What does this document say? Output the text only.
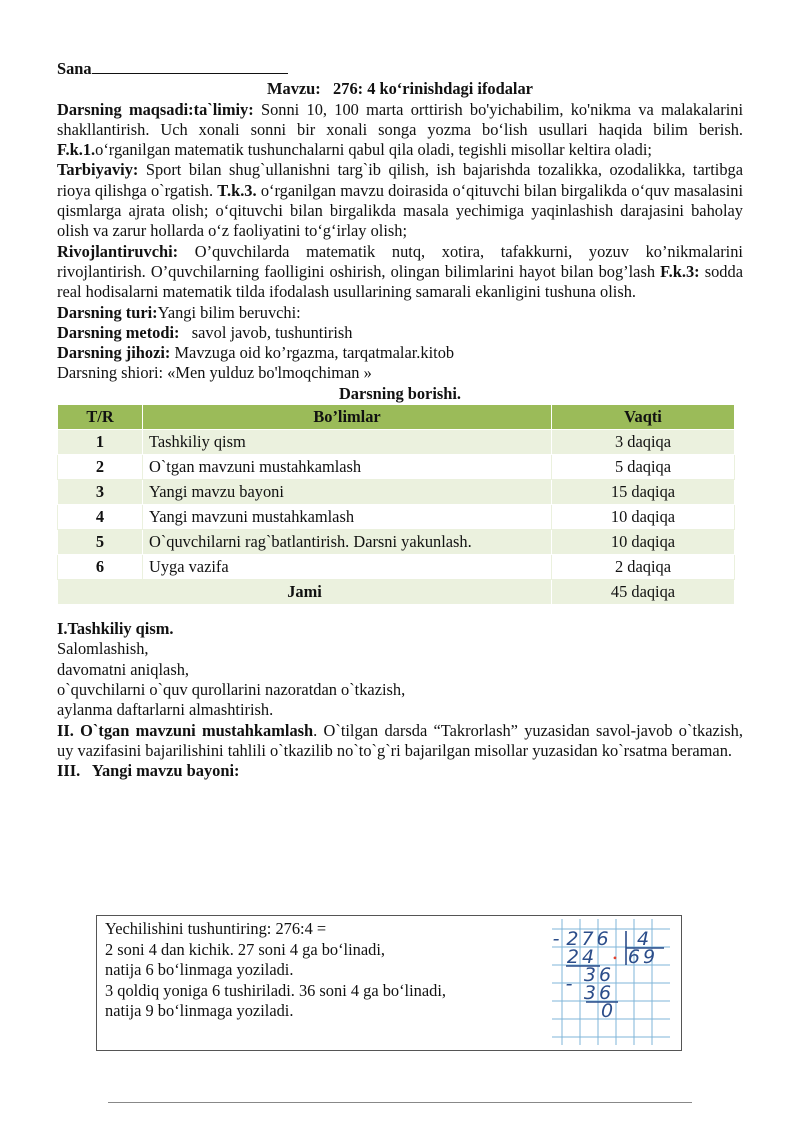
Sana

Mavzu: 276: 4 ko‘rinishdagi ifodalar

Darsning maqsadi:ta`limiy: Sonni 10, 100 marta orttirish bo'yichabilim, ko'nikma va malakalarini shakllantirish. Uch xonali sonni bir xonali songa yozma bo‘lish usullari haqida bilim berish. F.k.1.o‘rganilgan matematik tushunchalarni qabul qila oladi, tegishli misollar keltira oladi;

Tarbiyaviy: Sport bilan shug`ullanishni targ`ib qilish, ish bajarishda tozalikka, ozodalikka, tartibga rioya qilishga o`rgatish. T.k.3. o‘rganilgan mavzu doirasida o‘qituvchi bilan birgalikda o‘quv masalasini qismlarga ajrata olish; o‘qituvchi bilan birgalikda masala yechimiga yaqinlashish darajasini baholay olish va zarur hollarda o‘z faoliyatini to‘g‘irlay olish;

Rivojlantiruvchi: O’quvchilarda matematik nutq, xotira, tafakkurni, yozuv ko’nikmalarini rivojlantirish. O’quvchilarning faolligini oshirish, olingan bilimlarini hayot bilan bog’lash F.k.3: sodda real hodisalarni matematik tilda ifodalash usullarining samarali ekanligini tushuna olish.

Darsning turi:Yangi bilim beruvchi:

Darsning metodi: savol javob, tushuntirish

Darsning jihozi: Mavzuga oid ko’rgazma, tarqatmalar.kitob

Darsning shiori: «Men yulduz bo'lmoqchiman »

Darsning borishi.

T/R	Bo’limlar	Vaqti
1	Tashkiliy qism	3 daqiqa
2	O`tgan mavzuni mustahkamlash	5 daqiqa
3	Yangi mavzu bayoni	15 daqiqa
4	Yangi mavzuni mustahkamlash	10 daqiqa
5	O`quvchilarni rag`batlantirish. Darsni yakunlash.	10 daqiqa
6	Uyga vazifa	2 daqiqa
Jami		45 daqiqa

I.Tashkiliy qism.

Salomlashish,

davomatni aniqlash,

o`quvchilarni o`quv qurollarini nazoratdan o`tkazish,

aylanma daftarlarni almashtirish.

II. O`tgan mavzuni mustahkamlash. O`tilgan darsda “Takrorlash” yuzasidan savol-javob o`tkazish, uy vazifasini bajarilishini tahlili o`tkazilib no`to`g`ri bajarilgan misollar yuzasidan ko`rsatma beraman.

III. Yangi mavzu bayoni:

Yechilishini tushuntiring: 276:4 =
2 soni 4 dan kichik. 27 soni 4 ga bo‘linadi,
natija 6 bo‘linmaga yoziladi.
3 qoldiq yoniga 6 tushiriladi. 36 soni 4 ga bo‘linadi,
natija 9 bo‘linmaga yoziladi.
- 276 4
24 69
- 36
36
0
•
